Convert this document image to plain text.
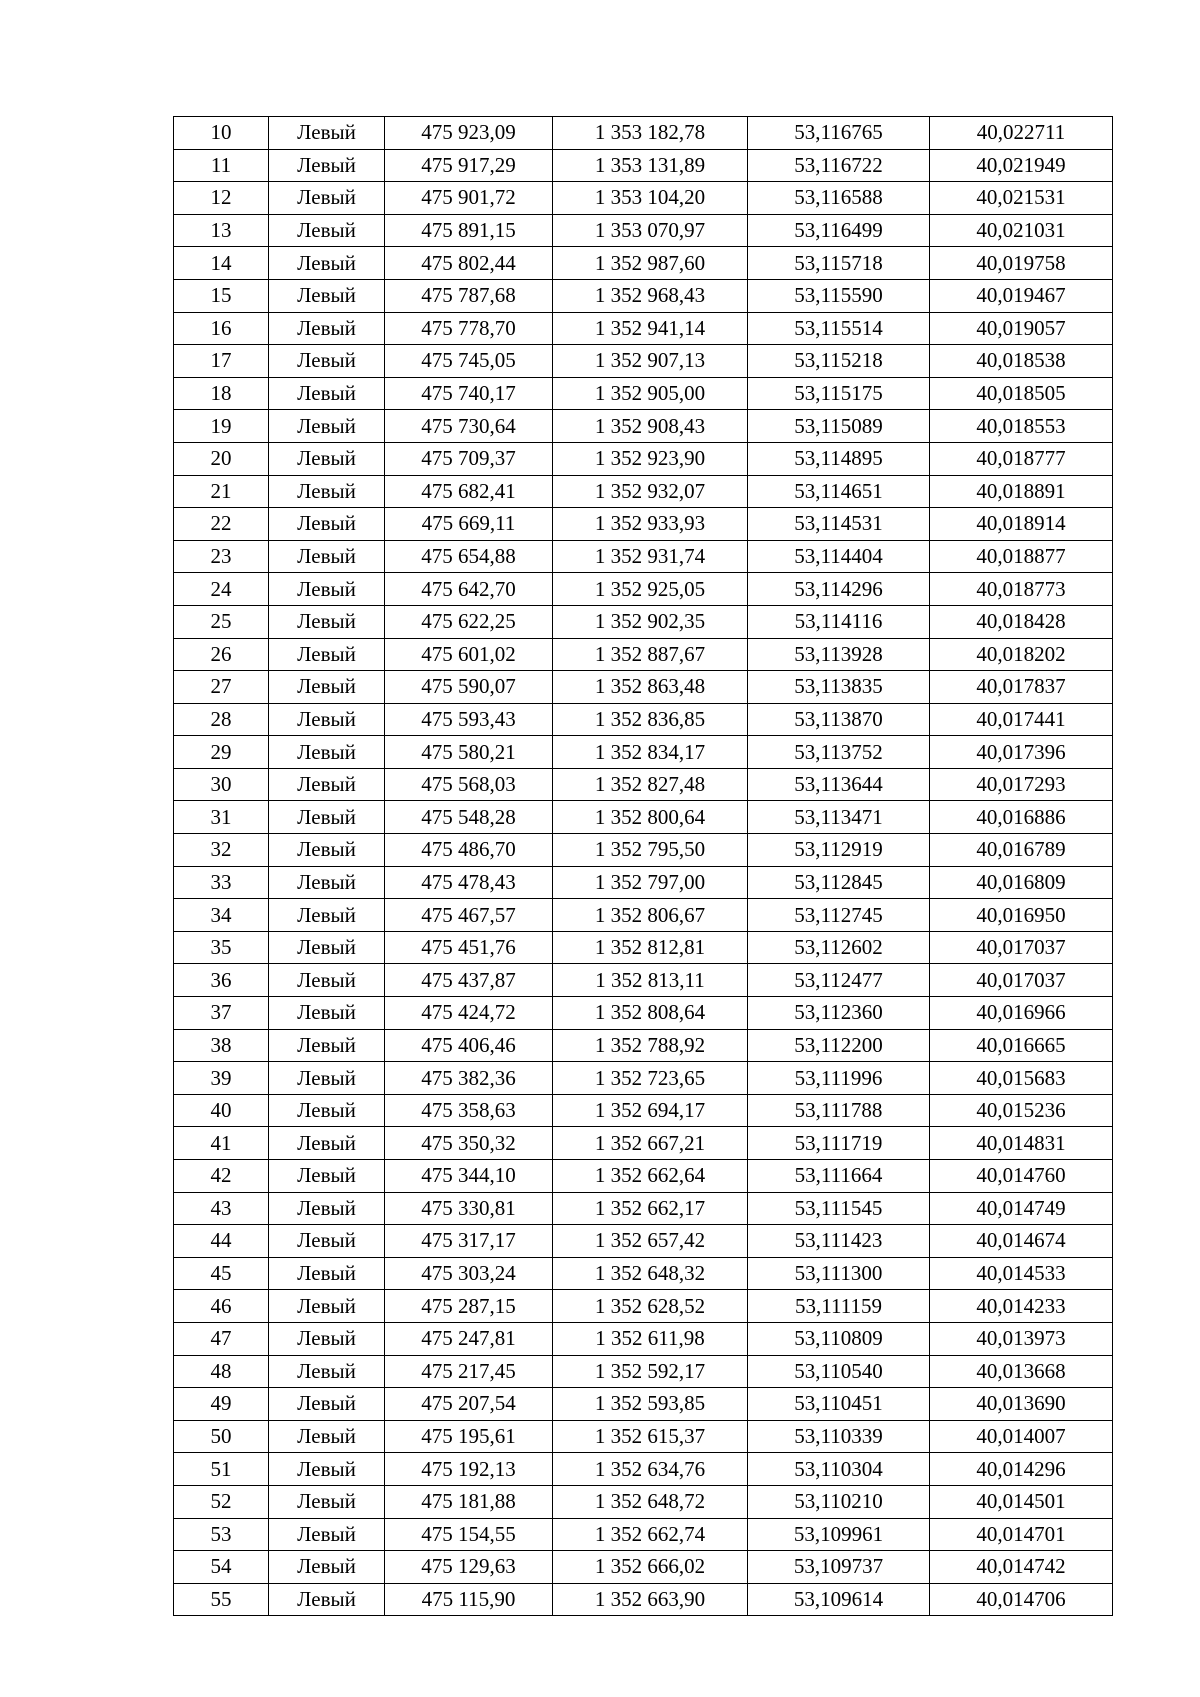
10	Левый	475 923,09	1 353 182,78	53,116765	40,022711
11	Левый	475 917,29	1 353 131,89	53,116722	40,021949
12	Левый	475 901,72	1 353 104,20	53,116588	40,021531
13	Левый	475 891,15	1 353 070,97	53,116499	40,021031
14	Левый	475 802,44	1 352 987,60	53,115718	40,019758
15	Левый	475 787,68	1 352 968,43	53,115590	40,019467
16	Левый	475 778,70	1 352 941,14	53,115514	40,019057
17	Левый	475 745,05	1 352 907,13	53,115218	40,018538
18	Левый	475 740,17	1 352 905,00	53,115175	40,018505
19	Левый	475 730,64	1 352 908,43	53,115089	40,018553
20	Левый	475 709,37	1 352 923,90	53,114895	40,018777
21	Левый	475 682,41	1 352 932,07	53,114651	40,018891
22	Левый	475 669,11	1 352 933,93	53,114531	40,018914
23	Левый	475 654,88	1 352 931,74	53,114404	40,018877
24	Левый	475 642,70	1 352 925,05	53,114296	40,018773
25	Левый	475 622,25	1 352 902,35	53,114116	40,018428
26	Левый	475 601,02	1 352 887,67	53,113928	40,018202
27	Левый	475 590,07	1 352 863,48	53,113835	40,017837
28	Левый	475 593,43	1 352 836,85	53,113870	40,017441
29	Левый	475 580,21	1 352 834,17	53,113752	40,017396
30	Левый	475 568,03	1 352 827,48	53,113644	40,017293
31	Левый	475 548,28	1 352 800,64	53,113471	40,016886
32	Левый	475 486,70	1 352 795,50	53,112919	40,016789
33	Левый	475 478,43	1 352 797,00	53,112845	40,016809
34	Левый	475 467,57	1 352 806,67	53,112745	40,016950
35	Левый	475 451,76	1 352 812,81	53,112602	40,017037
36	Левый	475 437,87	1 352 813,11	53,112477	40,017037
37	Левый	475 424,72	1 352 808,64	53,112360	40,016966
38	Левый	475 406,46	1 352 788,92	53,112200	40,016665
39	Левый	475 382,36	1 352 723,65	53,111996	40,015683
40	Левый	475 358,63	1 352 694,17	53,111788	40,015236
41	Левый	475 350,32	1 352 667,21	53,111719	40,014831
42	Левый	475 344,10	1 352 662,64	53,111664	40,014760
43	Левый	475 330,81	1 352 662,17	53,111545	40,014749
44	Левый	475 317,17	1 352 657,42	53,111423	40,014674
45	Левый	475 303,24	1 352 648,32	53,111300	40,014533
46	Левый	475 287,15	1 352 628,52	53,111159	40,014233
47	Левый	475 247,81	1 352 611,98	53,110809	40,013973
48	Левый	475 217,45	1 352 592,17	53,110540	40,013668
49	Левый	475 207,54	1 352 593,85	53,110451	40,013690
50	Левый	475 195,61	1 352 615,37	53,110339	40,014007
51	Левый	475 192,13	1 352 634,76	53,110304	40,014296
52	Левый	475 181,88	1 352 648,72	53,110210	40,014501
53	Левый	475 154,55	1 352 662,74	53,109961	40,014701
54	Левый	475 129,63	1 352 666,02	53,109737	40,014742
55	Левый	475 115,90	1 352 663,90	53,109614	40,014706
